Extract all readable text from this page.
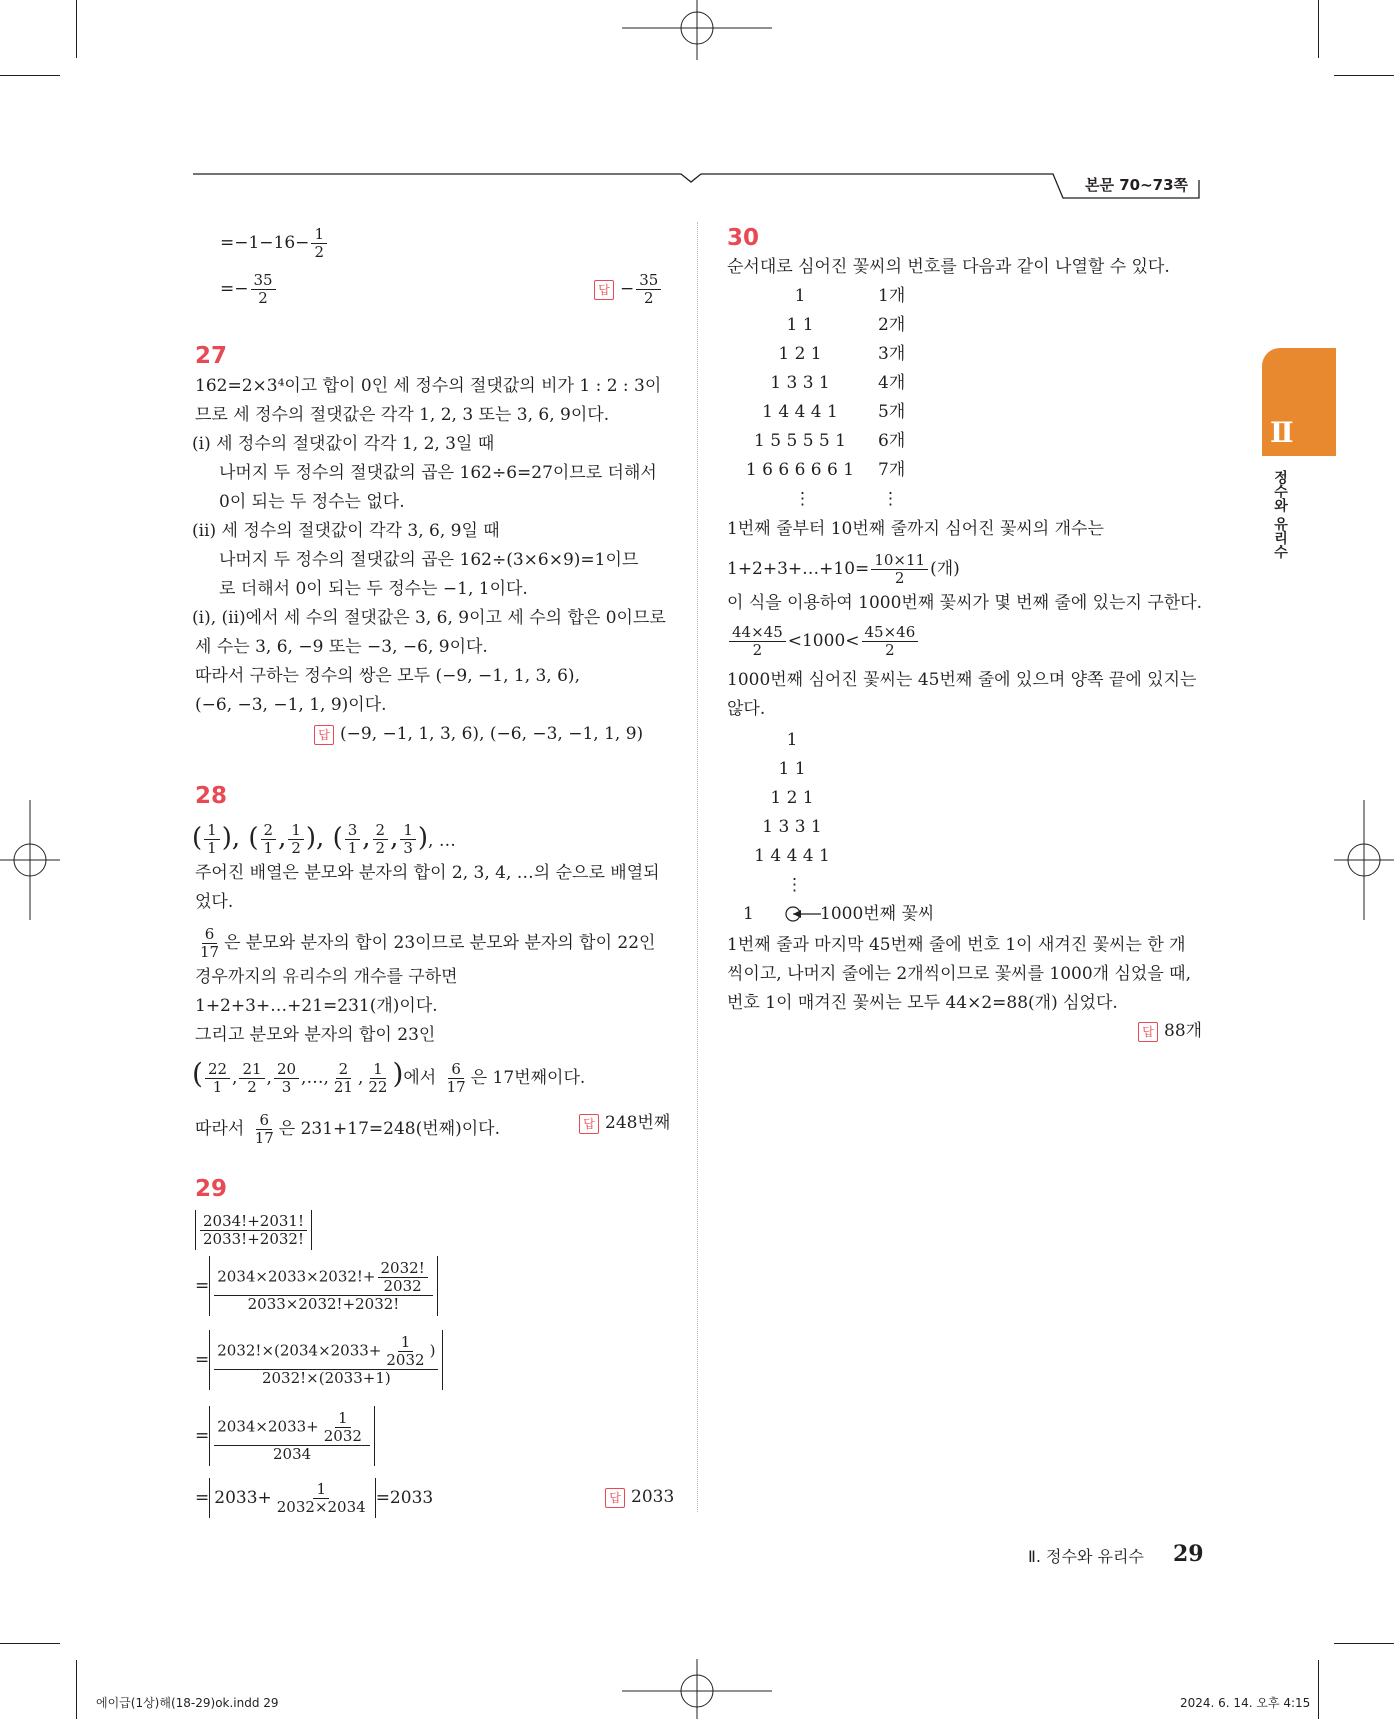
본문 70∼73쪽
Ⅱ
정수와 유리수
$=-1-16- \frac{1}{2}$
=− $\frac{35}{2}$	답 − $\frac{35}{2}$
27
162=2×3⁴이고 합이 0인 세 정수의 절댓값의 비가 1 : 2 : 3이
므로 세 정수의 절댓값은 각각 1, 2, 3 또는 3, 6, 9이다.
(ⅰ) 세 정수의 절댓값이 각각 1, 2, 3일 때
나머지 두 정수의 절댓값의 곱은 162÷6=27이므로 더해서
0이 되는 두 정수는 없다.
(ⅱ) 세 정수의 절댓값이 각각 3, 6, 9일 때
나머지 두 정수의 절댓값의 곱은 162÷(3×6×9)=1이므
로 더해서 0이 되는 두 정수는 −1, 1이다.
(ⅰ), (ⅱ)에서 세 수의 절댓값은 3, 6, 9이고 세 수의 합은 0이므로
세 수는 3, 6, −9 또는 −3, −6, 9이다.
따라서 구하는 정수의 쌍은 모두 (−9, −1, 1, 3, 6),
(−6, −3, −1, 1, 9)이다.
답 (−9, −1, 1, 3, 6), (−6, −3, −1, 1, 9)
28
( $\frac{1}{1}$ ), ( $\frac{2}{1}$ , $\frac{1}{2}$ ), ( $\frac{3}{1}$ , $\frac{2}{2}$ , $\frac{1}{3}$ ), …
주어진 배열은 분모와 분자의 합이 2, 3, 4, …의 순으로 배열되
었다.
$\frac{6}{17}$ 은 분모와 분자의 합이 23이므로 분모와 분자의 합이 22인
경우까지의 유리수의 개수를 구하면
1+2+3+…+21=231(개)이다.
그리고 분모와 분자의 합이 23인
( $\frac{22}{1}$ , $\frac{21}{2}$ , $\frac{20}{3}$ ,…, $\frac{2}{21}$ , $\frac{1}{22}$ )에서 $\frac{6}{17}$ 은 17번째이다.
따라서 $\frac{6}{17}$ 은 231+17=248(번째)이다.	답 248번째
29
$\frac{2034!+2031!}{2033!+2032!}$
= $\frac{2034\times 2033\times 2032!+ \frac{2032!}{2032}}{2033\times 2032!+2032!}$
= $\frac{2032!\times(2034\times 2033+ \frac{1}{2032} )}{2032!\times(2033+1)}$
= $\frac{2034\times 2033+ \frac{1}{2032}}{2034}$
= $2033+ \frac{1}{2032\times 2034} =2033$	답 2033
30
순서대로 심어진 꽃씨의 번호를 다음과 같이 나열할 수 있다.
1	1개
1 1	2개
1 2 1	3개
1 3 3 1	4개
1 4 4 4 1	5개
1 5 5 5 5 1	6개
1 6 6 6 6 6 1	7개
⋮	⋮
1번째 줄부터 10번째 줄까지 심어진 꽃씨의 개수는
1+2+3+…+10= $\frac{10\times 11}{2}$ (개)
이 식을 이용하여 1000번째 꽃씨가 몇 번째 줄에 있는지 구한다.
$\frac{44\times 45}{2} <1000< \frac{45\times 46}{2}$
1000번째 심어진 꽃씨는 45번째 줄에 있으며 양쪽 끝에 있지는
않다.
1
1 1
1 2 1
1 3 3 1
1 4 4 4 1
⋮
1	1000번째 꽃씨
1번째 줄과 마지막 45번째 줄에 번호 1이 새겨진 꽃씨는 한 개
씩이고, 나머지 줄에는 2개씩이므로 꽃씨를 1000개 심었을 때,
번호 1이 매겨진 꽃씨는 모두 44×2=88(개) 심었다.
답 88개
Ⅱ. 정수와 유리수 29
에이급(1상)해(18-29)ok.indd 29	2024. 6. 14. 오후 4:15
